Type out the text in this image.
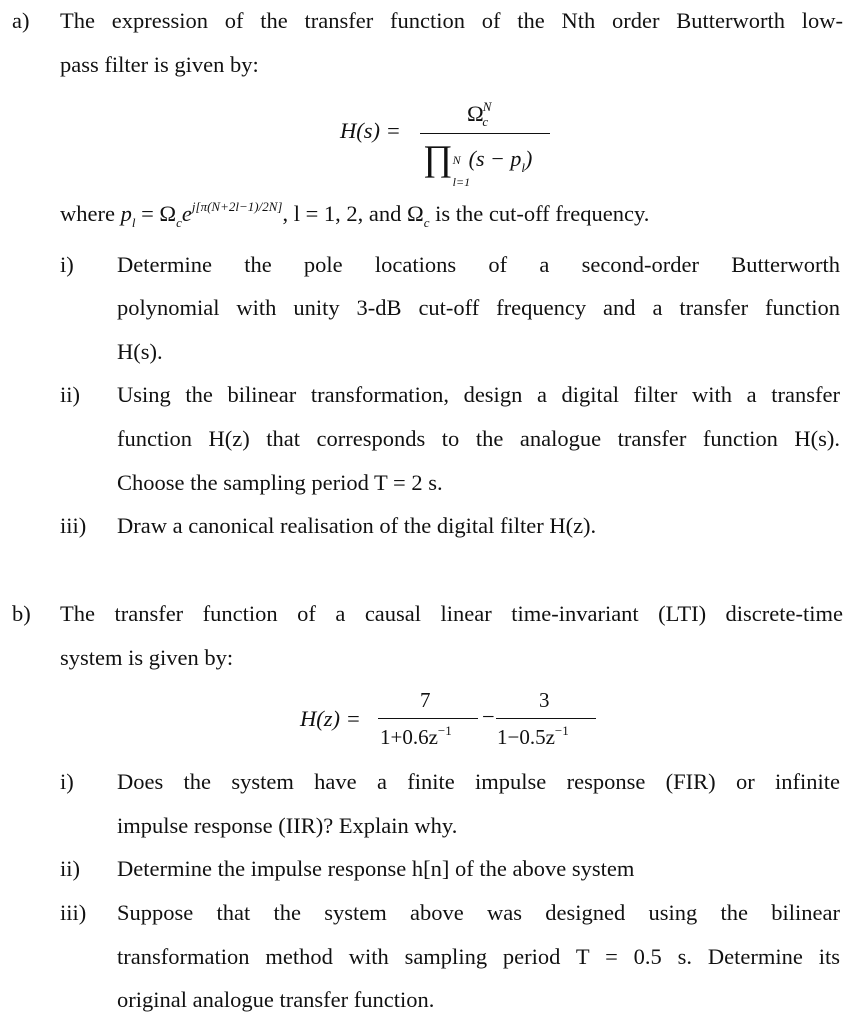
a) The expression of the transfer function of the Nth order Butterworth low-
pass filter is given by:
H(s) =
$\Omega^N_c$
∏ N
l=1
$(s - p_l)$
where $p_l = \Omega_ce^{j[\pi(N+2l-1)/2N]}$, l = 1, 2, and $\Omega_c$ is the cut-off frequency.
i) Determine the pole locations of a second-order Butterworth
polynomial with unity 3-dB cut-off frequency and a transfer function
H(s).
ii) Using the bilinear transformation, design a digital filter with a transfer
function H(z) that corresponds to the analogue transfer function H(s).
Choose the sampling period T = 2 s.
iii) Draw a canonical realisation of the digital filter H(z).
b) The transfer function of a causal linear time-invariant (LTI) discrete-time
system is given by:
H(z) =
7
$1+0.6z^{-1}$
−
3
$1-0.5z^{-1}$
i) Does the system have a finite impulse response (FIR) or infinite
impulse response (IIR)? Explain why.
ii) Determine the impulse response h[n] of the above system
iii) Suppose that the system above was designed using the bilinear
transformation method with sampling period T = 0.5 s. Determine its
original analogue transfer function.
